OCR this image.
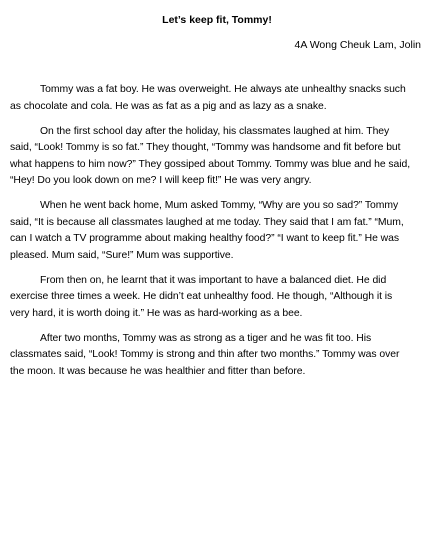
Let’s keep fit, Tommy!
4A Wong Cheuk Lam, Jolin

Tommy was a fat boy. He was overweight. He always ate unhealthy snacks such as chocolate and cola. He was as fat as a pig and as lazy as a snake.

On the first school day after the holiday, his classmates laughed at him. They said, “Look! Tommy is so fat.” They thought, “Tommy was handsome and fit before but what happens to him now?” They gossiped about Tommy. Tommy was blue and he said, “Hey! Do you look down on me? I will keep fit!” He was very angry.

When he went back home, Mum asked Tommy, “Why are you so sad?” Tommy said, “It is because all classmates laughed at me today. They said that I am fat.” “Mum, can I watch a TV programme about making healthy food?” “I want to keep fit.” He was pleased. Mum said, “Sure!” Mum was supportive.

From then on, he learnt that it was important to have a balanced diet. He did exercise three times a week. He didn’t eat unhealthy food. He though, “Although it is very hard, it is worth doing it.” He was as hard-working as a bee.

After two months, Tommy was as strong as a tiger and he was fit too. His classmates said, “Look! Tommy is strong and thin after two months.” Tommy was over the moon. It was because he was healthier and fitter than before.
